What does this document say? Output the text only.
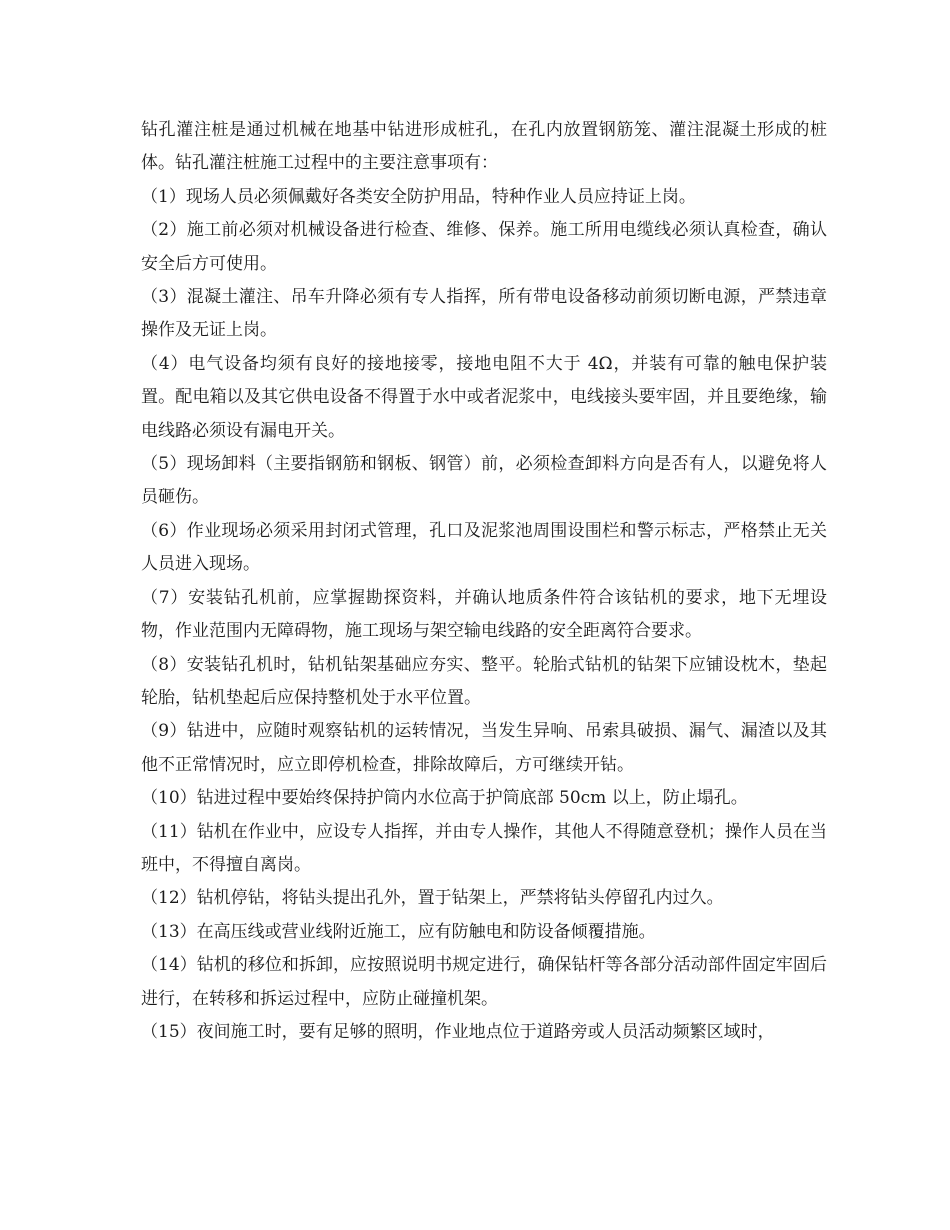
钻孔灌注桩是通过机械在地基中钻进形成桩孔，在孔内放置钢筋笼、灌注混凝土形成的桩体。钻孔灌注桩施工过程中的主要注意事项有：

（1）现场人员必须佩戴好各类安全防护用品，特种作业人员应持证上岗。

（2）施工前必须对机械设备进行检查、维修、保养。施工所用电缆线必须认真检查，确认安全后方可使用。

（3）混凝土灌注、吊车升降必须有专人指挥，所有带电设备移动前须切断电源，严禁违章操作及无证上岗。

（4）电气设备均须有良好的接地接零，接地电阻不大于 4Ω，并装有可靠的触电保护装置。配电箱以及其它供电设备不得置于水中或者泥浆中，电线接头要牢固，并且要绝缘，输电线路必须设有漏电开关。

（5）现场卸料（主要指钢筋和钢板、钢管）前，必须检查卸料方向是否有人，以避免将人员砸伤。

（6）作业现场必须采用封闭式管理，孔口及泥浆池周围设围栏和警示标志，严格禁止无关人员进入现场。

（7）安装钻孔机前，应掌握勘探资料，并确认地质条件符合该钻机的要求，地下无埋设物，作业范围内无障碍物，施工现场与架空输电线路的安全距离符合要求。

（8）安装钻孔机时，钻机钻架基础应夯实、整平。轮胎式钻机的钻架下应铺设枕木，垫起轮胎，钻机垫起后应保持整机处于水平位置。

（9）钻进中，应随时观察钻机的运转情况，当发生异响、吊索具破损、漏气、漏渣以及其他不正常情况时，应立即停机检查，排除故障后，方可继续开钻。

（10）钻进过程中要始终保持护筒内水位高于护筒底部 50cm 以上，防止塌孔。

（11）钻机在作业中，应设专人指挥，并由专人操作，其他人不得随意登机；操作人员在当班中，不得擅自离岗。

（12）钻机停钻，将钻头提出孔外，置于钻架上，严禁将钻头停留孔内过久。

（13）在高压线或营业线附近施工，应有防触电和防设备倾覆措施。

（14）钻机的移位和拆卸，应按照说明书规定进行，确保钻杆等各部分活动部件固定牢固后进行，在转移和拆运过程中，应防止碰撞机架。

（15）夜间施工时，要有足够的照明，作业地点位于道路旁或人员活动频繁区域时，
